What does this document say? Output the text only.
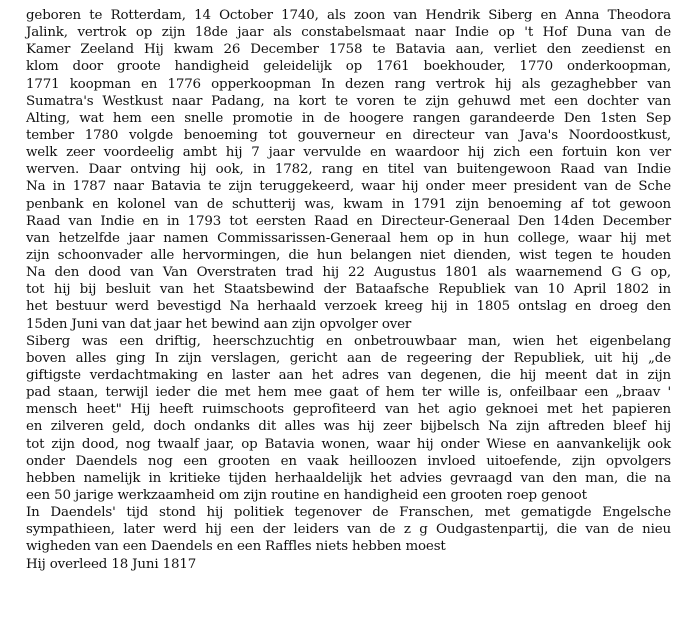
geboren te Rotterdam, 14 October 1740, als zoon van Hendrik Siberg en Anna Theodora
Jalink, vertrok op zijn 18de jaar als constabelsmaat naar Indie op 't Hof Duna van de
Kamer Zeeland Hij kwam 26 December 1758 te Batavia aan, verliet den zeedienst en
klom door groote handigheid geleidelijk op 1761 boekhouder, 1770 onderkoopman,
1771 koopman en 1776 opperkoopman In dezen rang vertrok hij als gezaghebber van
Sumatra's Westkust naar Padang, na kort te voren te zijn gehuwd met een dochter van
Alting, wat hem een snelle promotie in de hoogere rangen garandeerde Den 1sten Sep
tember 1780 volgde benoeming tot gouverneur en directeur van Java's Noordoostkust,
welk zeer voordeelig ambt hij 7 jaar vervulde en waardoor hij zich een fortuin kon ver
werven. Daar ontving hij ook, in 1782, rang en titel van buitengewoon Raad van Indie
Na in 1787 naar Batavia te zijn teruggekeerd, waar hij onder meer president van de Sche
penbank en kolonel van de schutterij was, kwam in 1791 zijn benoeming af tot gewoon
Raad van Indie en in 1793 tot eersten Raad en Directeur-Generaal Den 14den December
van hetzelfde jaar namen Commissarissen-Generaal hem op in hun college, waar hij met
zijn schoonvader alle hervormingen, die hun belangen niet dienden, wist tegen te houden
Na den dood van Van Overstraten trad hij 22 Augustus 1801 als waarnemend G G op,
tot hij bij besluit van het Staatsbewind der Bataafsche Republiek van 10 April 1802 in
het bestuur werd bevestigd Na herhaald verzoek kreeg hij in 1805 ontslag en droeg den
15den Juni van dat jaar het bewind aan zijn opvolger over
Siberg was een driftig, heerschzuchtig en onbetrouwbaar man, wien het eigenbelang
boven alles ging In zijn verslagen, gericht aan de regeering der Republiek, uit hij „de
giftigste verdachtmaking en laster aan het adres van degenen, die hij meent dat in zijn
pad staan, terwijl ieder die met hem mee gaat of hem ter wille is, onfeilbaar een „braav '
mensch heet" Hij heeft ruimschoots geprofiteerd van het agio geknoei met het papieren
en zilveren geld, doch ondanks dit alles was hij zeer bijbelsch Na zijn aftreden bleef hij
tot zijn dood, nog twaalf jaar, op Batavia wonen, waar hij onder Wiese en aanvankelijk ook
onder Daendels nog een grooten en vaak heilloozen invloed uitoefende, zijn opvolgers
hebben namelijk in kritieke tijden herhaaldelijk het advies gevraagd van den man, die na
een 50 jarige werkzaamheid om zijn routine en handigheid een grooten roep genoot
In Daendels' tijd stond hij politiek tegenover de Franschen, met gematigde Engelsche
sympathieen, later werd hij een der leiders van de z g Oudgastenpartij, die van de nieu
wigheden van een Daendels en een Raffles niets hebben moest
Hij overleed 18 Juni 1817
